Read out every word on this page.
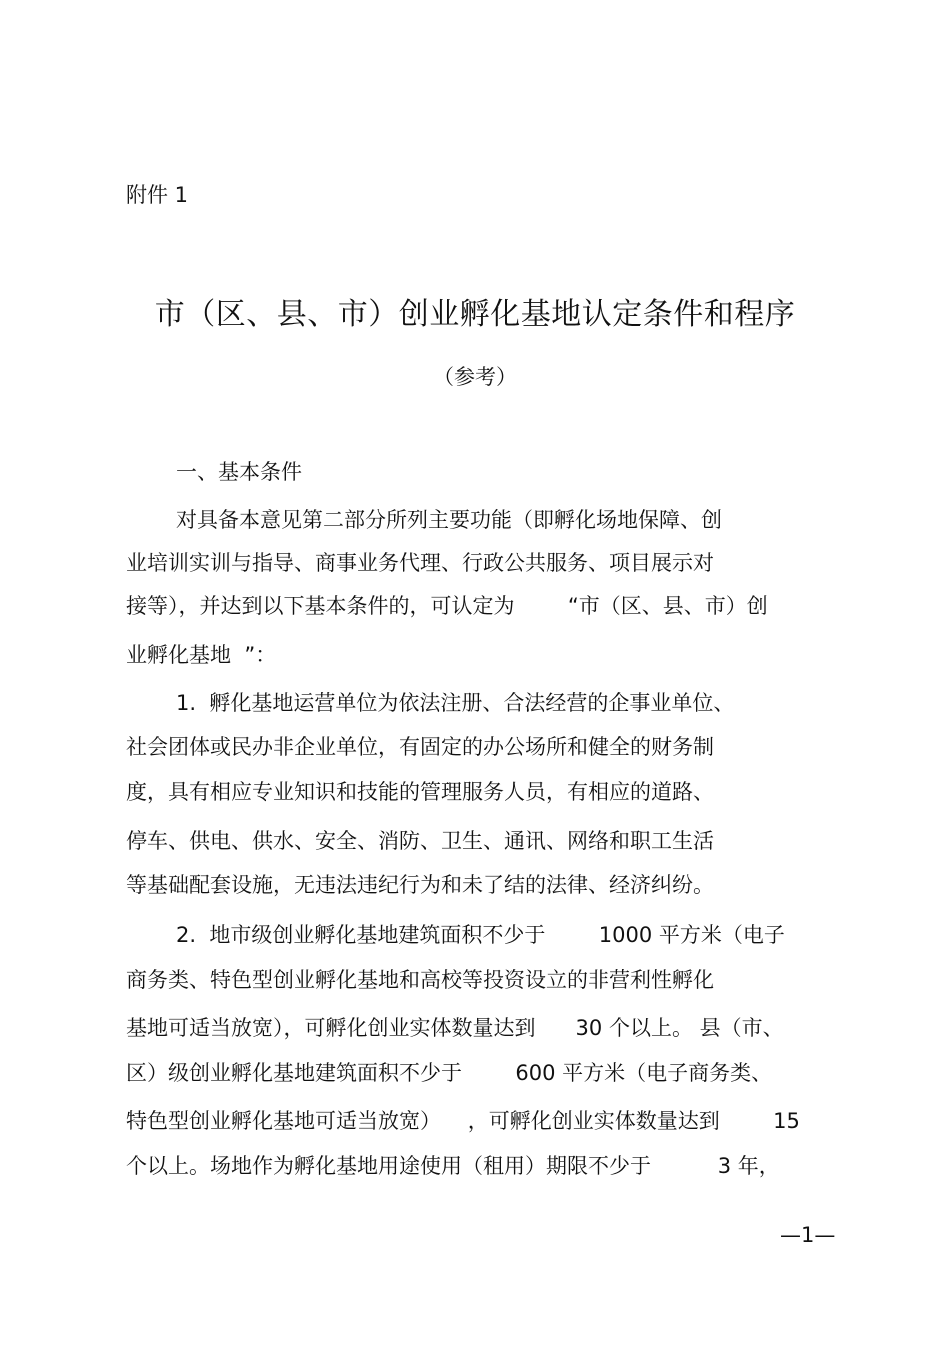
附件 1
市（区、县、市）创业孵化基地认定条件和程序
（参考）
一、基本条件
对具备本意见第二部分所列主要功能（即孵化场地保障、创
业培训实训与指导、商事业务代理、行政公共服务、项目展示对
接等），并达到以下基本条件的，可认定为        “市（区、县、市）创
业孵化基地  ”：
1.  孵化基地运营单位为依法注册、合法经营的企事业单位、
社会团体或民办非企业单位，有固定的办公场所和健全的财务制
度，具有相应专业知识和技能的管理服务人员，有相应的道路、
停车、供电、供水、安全、消防、卫生、通讯、网络和职工生活
等基础配套设施，无违法违纪行为和未了结的法律、经济纠纷。
2.  地市级创业孵化基地建筑面积不少于        1000 平方米（电子
商务类、特色型创业孵化基地和高校等投资设立的非营利性孵化
基地可适当放宽），可孵化创业实体数量达到      30 个以上。 县（市、
区）级创业孵化基地建筑面积不少于        600 平方米（电子商务类、
特色型创业孵化基地可适当放宽）    ，可孵化创业实体数量达到        15
个以上。场地作为孵化基地用途使用（租用）期限不少于          3 年，
—1—
